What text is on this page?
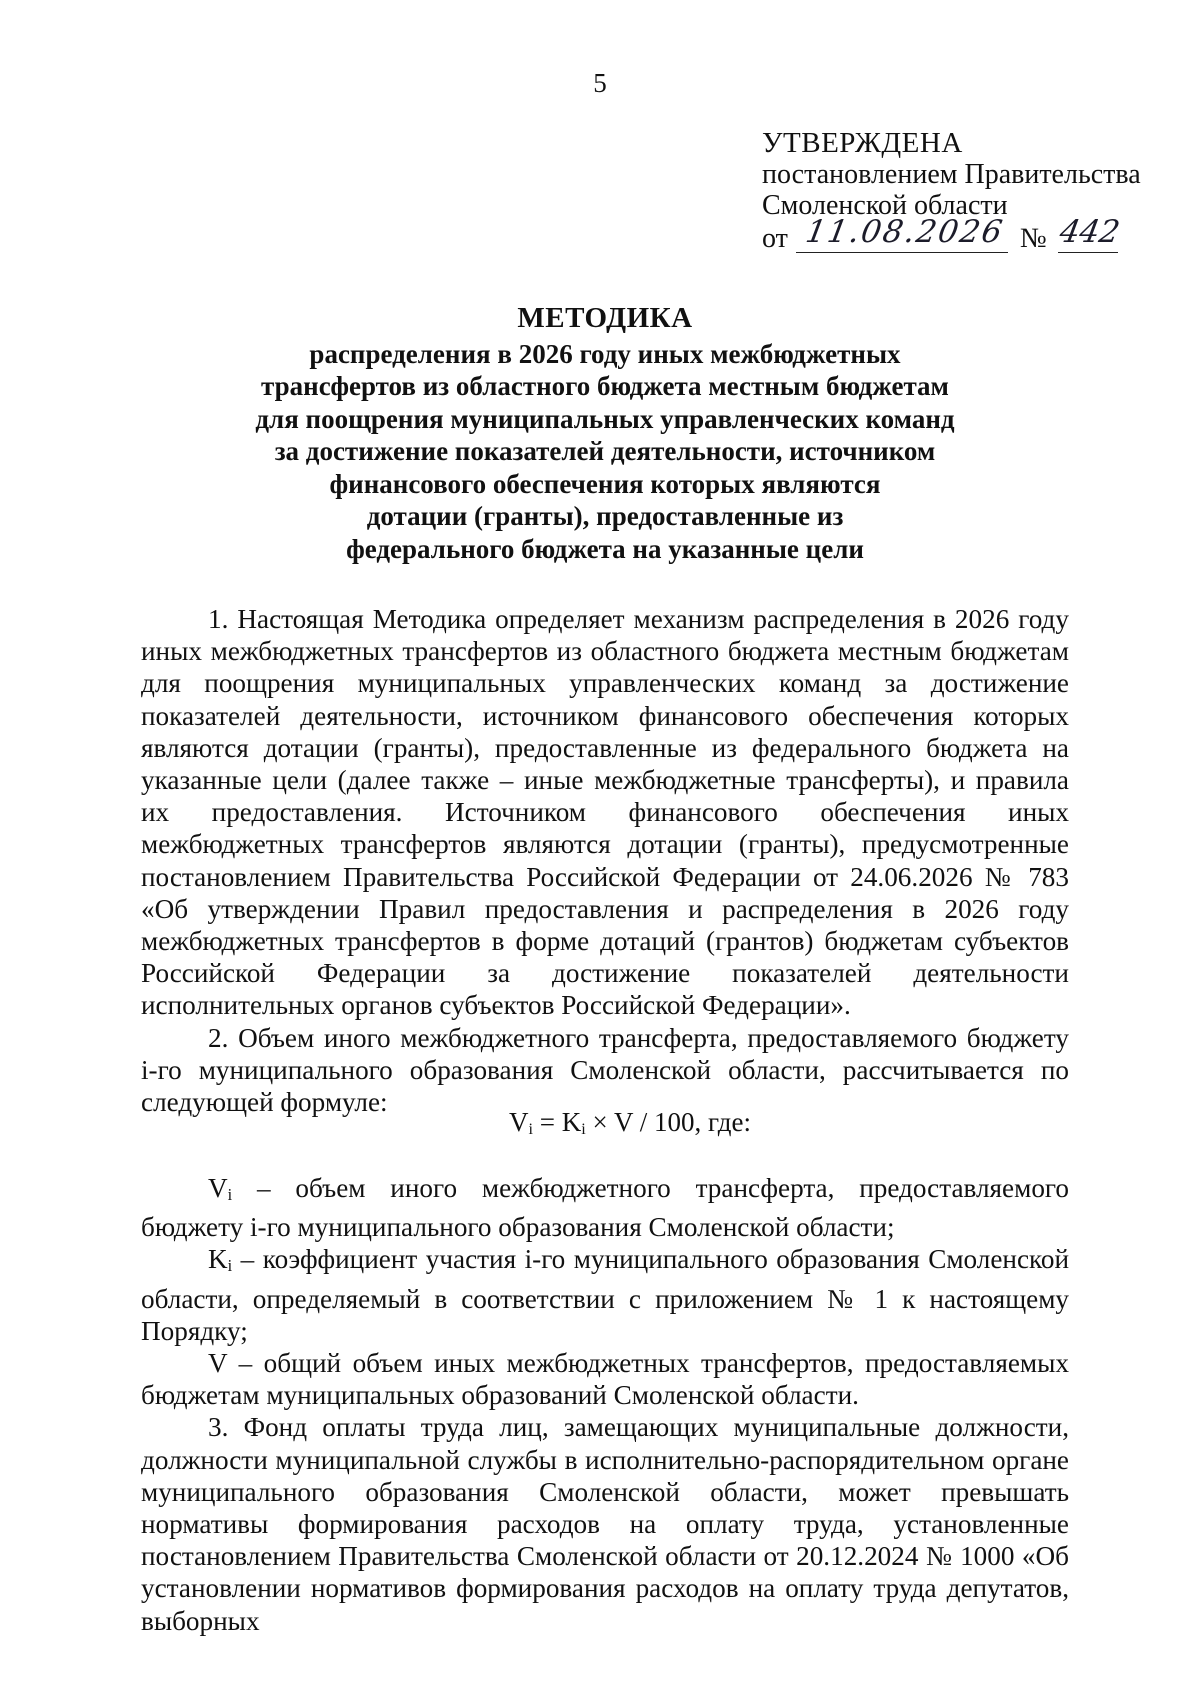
5
УТВЕРЖДЕНА
постановлением Правительства
Смоленской области
от 11.08.2026 № 442
МЕТОДИКА
распределения в 2026 году иных межбюджетных
трансфертов из областного бюджета местным бюджетам
для поощрения муниципальных управленческих команд
за достижение показателей деятельности, источником
финансового обеспечения которых являются
дотации (гранты), предоставленные из
федерального бюджета на указанные цели

1. Настоящая Методика определяет механизм распределения в 2026 году иных межбюджетных трансфертов из областного бюджета местным бюджетам для поощрения муниципальных управленческих команд за достижение показателей деятельности, источником финансового обеспечения которых являются дотации (гранты), предоставленные из федерального бюджета на указанные цели (далее также – иные межбюджетные трансферты), и правила их предоставления. Источником финансового обеспечения иных межбюджетных трансфертов являются дотации (гранты), предусмотренные постановлением Правительства Российской Федерации от 24.06.2026 № 783 «Об утверждении Правил предоставления и распределения в 2026 году межбюджетных трансфертов в форме дотаций (грантов) бюджетам субъектов Российской Федерации за достижение показателей деятельности исполнительных органов субъектов Российской Федерации».

2. Объем иного межбюджетного трансферта, предоставляемого бюджету i-го муниципального образования Смоленской области, рассчитывается по следующей формуле:

$V_i = K_i \times V / 100$, где:

$V_i$ – объем иного межбюджетного трансферта, предоставляемого бюджету i-го муниципального образования Смоленской области;

$K_i$ – коэффициент участия i-го муниципального образования Смоленской области, определяемый в соответствии с приложением № 1 к настоящему Порядку;

V – общий объем иных межбюджетных трансфертов, предоставляемых бюджетам муниципальных образований Смоленской области.

3. Фонд оплаты труда лиц, замещающих муниципальные должности, должности муниципальной службы в исполнительно-распорядительном органе муниципального образования Смоленской области, может превышать нормативы формирования расходов на оплату труда, установленные постановлением Правительства Смоленской области от 20.12.2024 № 1000 «Об установлении нормативов формирования расходов на оплату труда депутатов, выборных
